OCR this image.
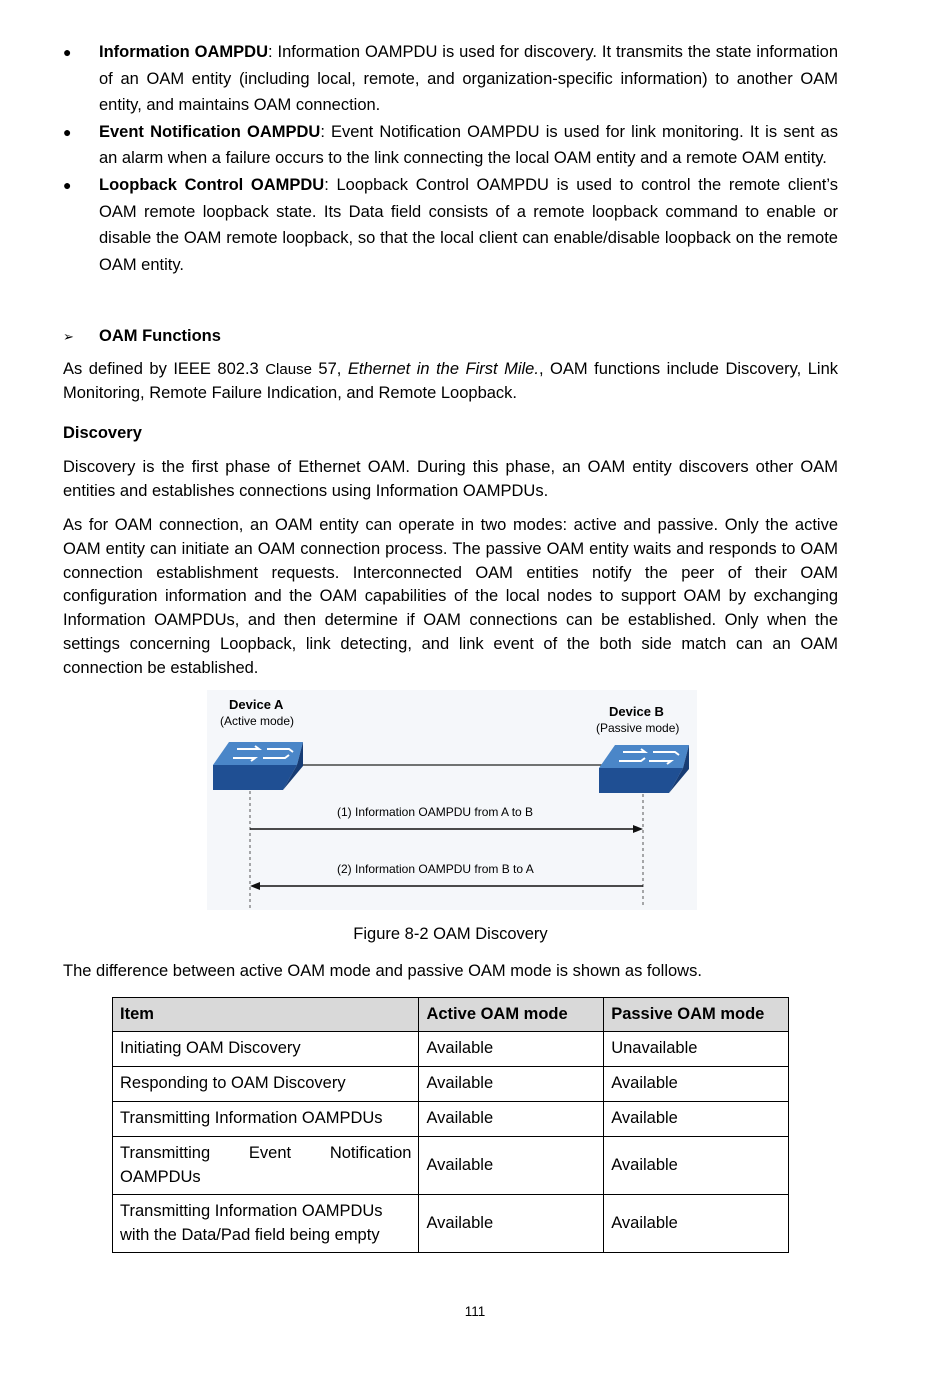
● Information OAMPDU: Information OAMPDU is used for discovery. It transmits the state information of an OAM entity (including local, remote, and organization-specific information) to another OAM entity, and maintains OAM connection.
● Event Notification OAMPDU: Event Notification OAMPDU is used for link monitoring. It is sent as an alarm when a failure occurs to the link connecting the local OAM entity and a remote OAM entity.
● Loopback Control OAMPDU: Loopback Control OAMPDU is used to control the remote client’s OAM remote loopback state. Its Data field consists of a remote loopback command to enable or disable the OAM remote loopback, so that the local client can enable/disable loopback on the remote OAM entity.
➢ OAM Functions

As defined by IEEE 802.3 Clause 57, Ethernet in the First Mile., OAM functions include Discovery, Link Monitoring, Remote Failure Indication, and Remote Loopback.

Discovery

Discovery is the first phase of Ethernet OAM. During this phase, an OAM entity discovers other OAM entities and establishes connections using Information OAMPDUs.

As for OAM connection, an OAM entity can operate in two modes: active and passive. Only the active OAM entity can initiate an OAM connection process. The passive OAM entity waits and responds to OAM connection establishment requests. Interconnected OAM entities notify the peer of their OAM configuration information and the OAM capabilities of the local nodes to support OAM by exchanging Information OAMPDUs, and then determine if OAM connections can be established. Only when the settings concerning Loopback, link detecting, and link event of the both side match can an OAM connection be established.

Device A
(Active mode)
Device B
(Passive mode)
(1) Information OAMPDU from A to B
(2) Information OAMPDU from B to A
Figure 8-2 OAM Discovery

The difference between active OAM mode and passive OAM mode is shown as follows.

Item	Active OAM mode	Passive OAM mode
Initiating OAM Discovery	Available	Unavailable
Responding to OAM Discovery	Available	Available
Transmitting Information OAMPDUs	Available	Available
Transmitting Event Notification OAMPDUs	Available	Available
Transmitting Information OAMPDUs with the Data/Pad field being empty	Available	Available
111
